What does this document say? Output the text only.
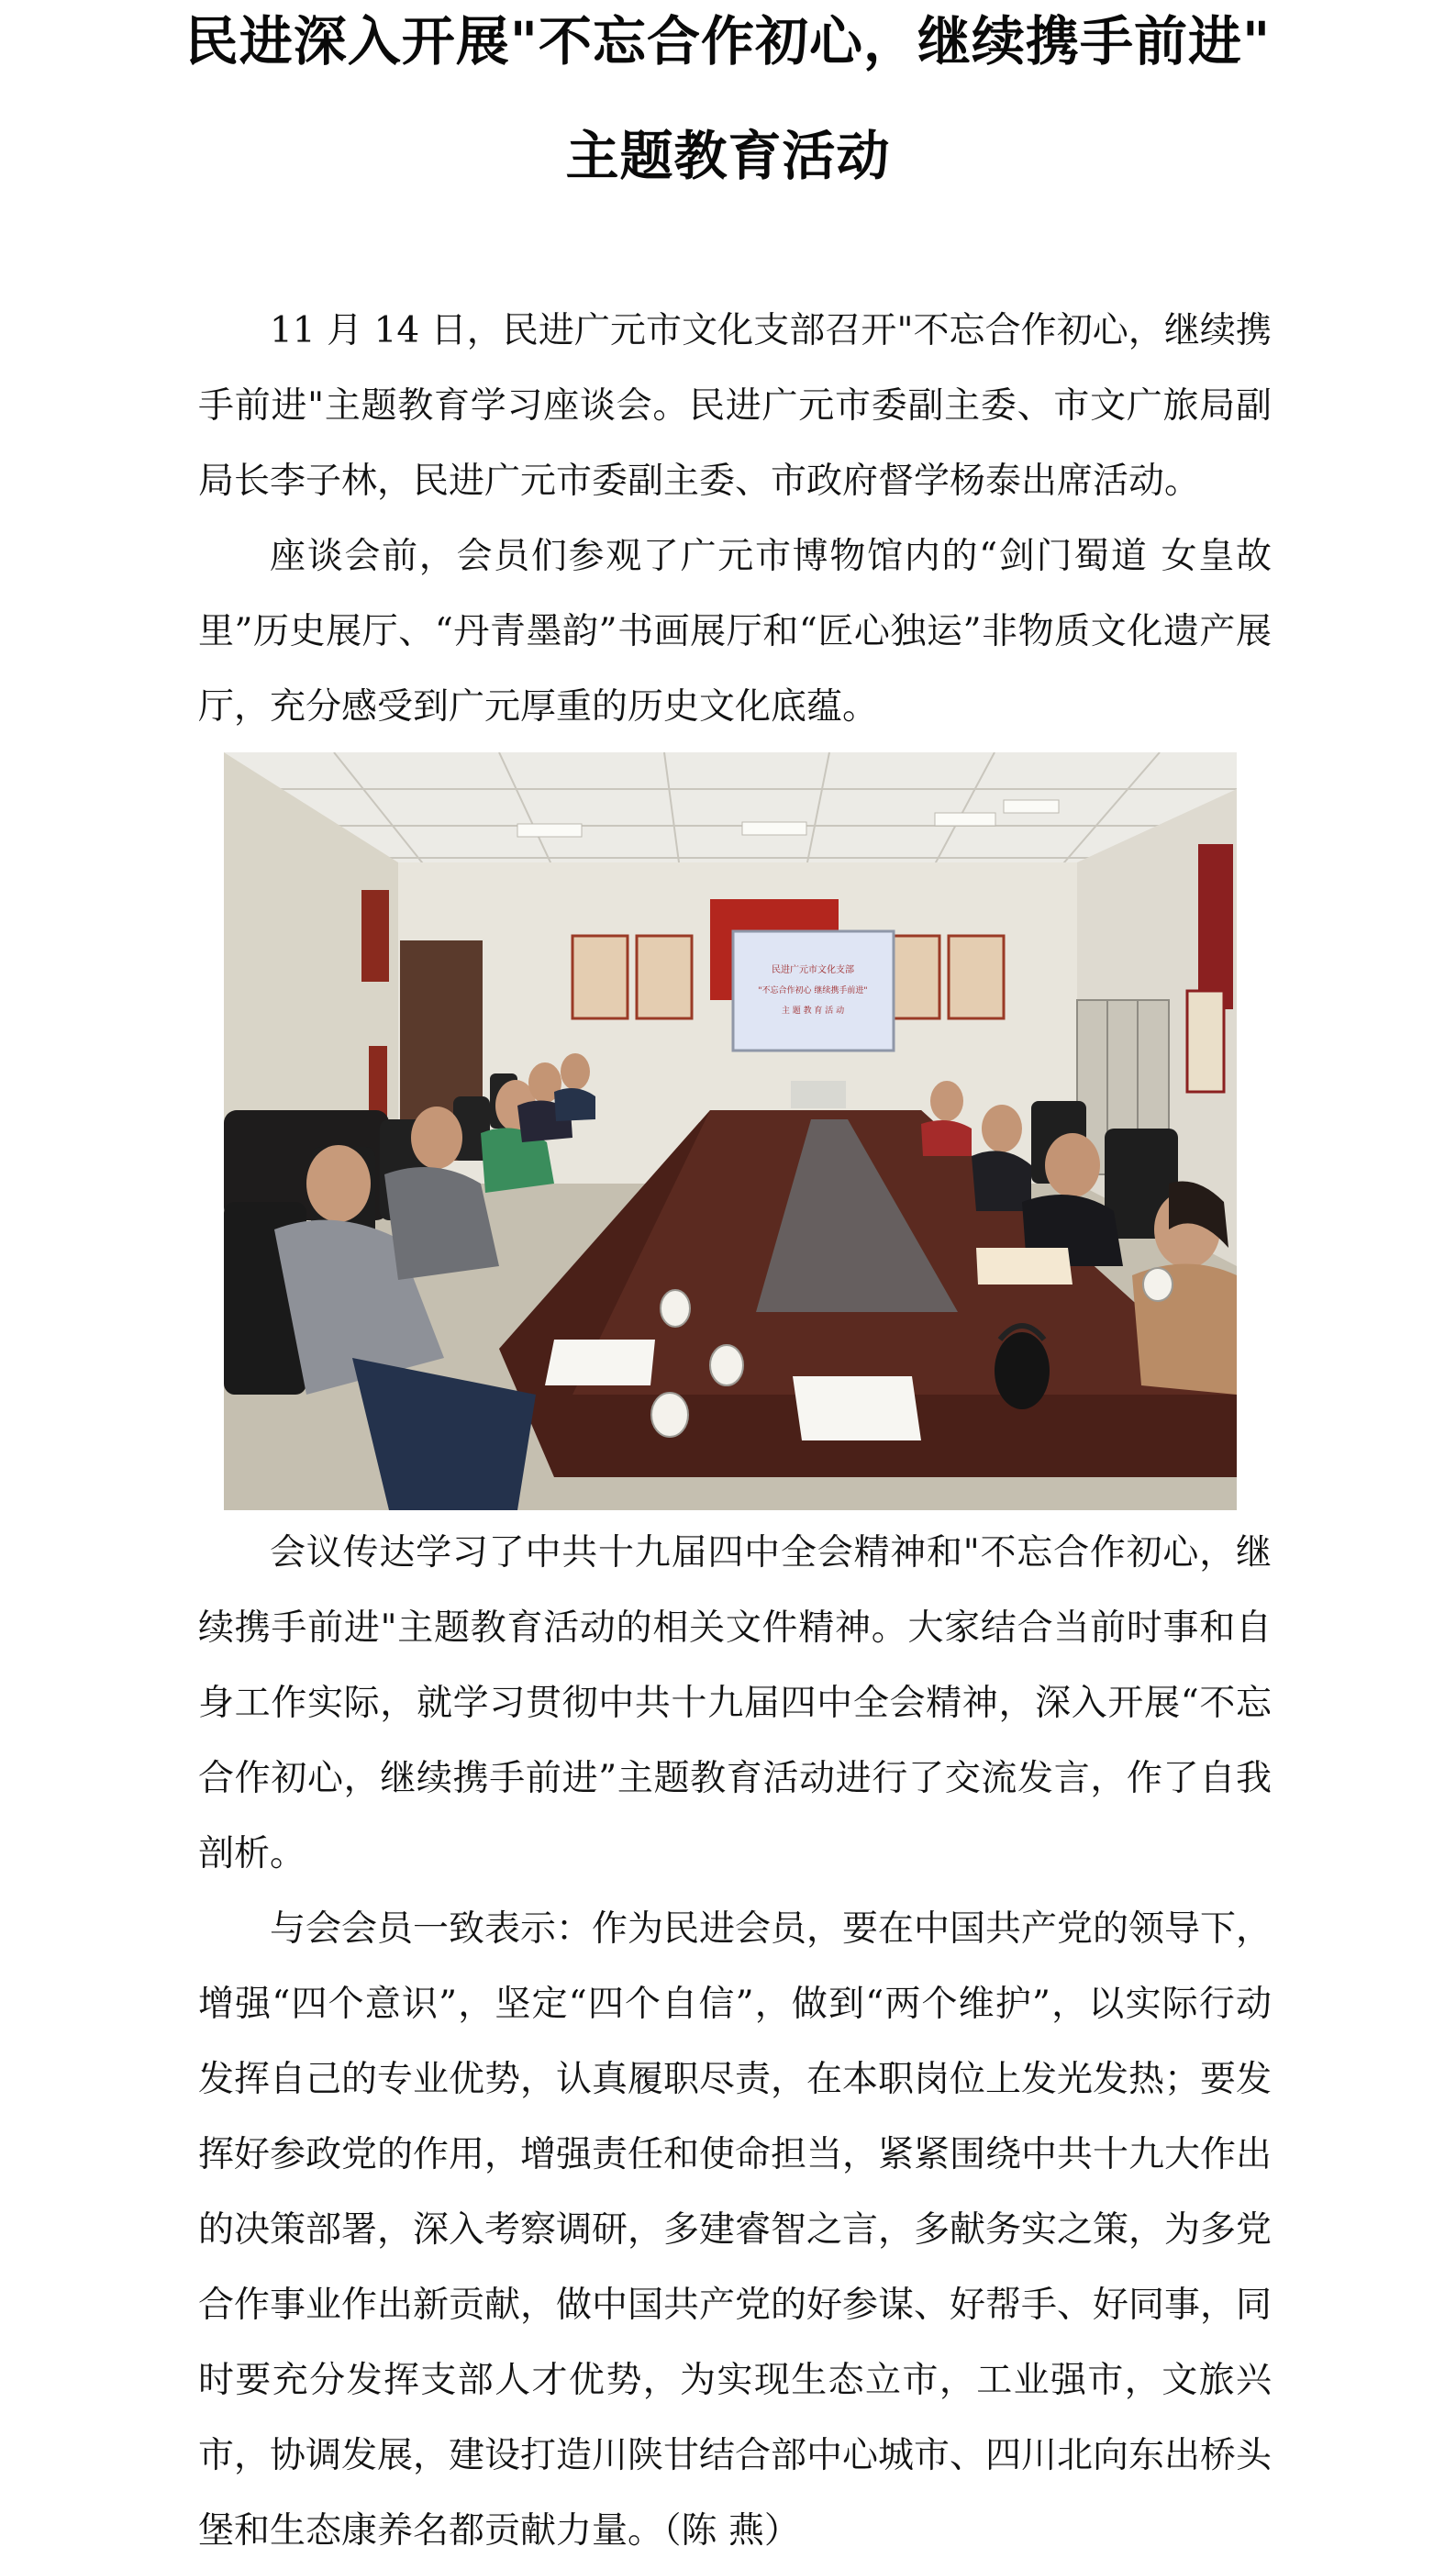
民进深入开展"不忘合作初心，继续携手前进"
主题教育活动

11 月 14 日，民进广元市文化支部召开"不忘合作初心，继续携手前进"主题教育学习座谈会。民进广元市委副主委、市文广旅局副局长李子林，民进广元市委副主委、市政府督学杨泰出席活动。

座谈会前，会员们参观了广元市博物馆内的“剑门蜀道 女皇故里”历史展厅、“丹青墨韵”书画展厅和“匠心独运”非物质文化遗产展厅，充分感受到广元厚重的历史文化底蕴。

民进广元市文化支部
"不忘合作初心 继续携手前进"
主 题 教 育 活 动

会议传达学习了中共十九届四中全会精神和"不忘合作初心，继续携手前进"主题教育活动的相关文件精神。大家结合当前时事和自身工作实际，就学习贯彻中共十九届四中全会精神，深入开展“不忘合作初心，继续携手前进”主题教育活动进行了交流发言，作了自我剖析。

与会会员一致表示：作为民进会员，要在中国共产党的领导下，增强“四个意识”，坚定“四个自信”，做到“两个维护”，以实际行动发挥自己的专业优势，认真履职尽责，在本职岗位上发光发热；要发挥好参政党的作用，增强责任和使命担当，紧紧围绕中共十九大作出的决策部署，深入考察调研，多建睿智之言，多献务实之策，为多党合作事业作出新贡献，做中国共产党的好参谋、好帮手、好同事，同时要充分发挥支部人才优势，为实现生态立市，工业强市，文旅兴市，协调发展，建设打造川陕甘结合部中心城市、四川北向东出桥头堡和生态康养名都贡献力量。（陈 燕）
